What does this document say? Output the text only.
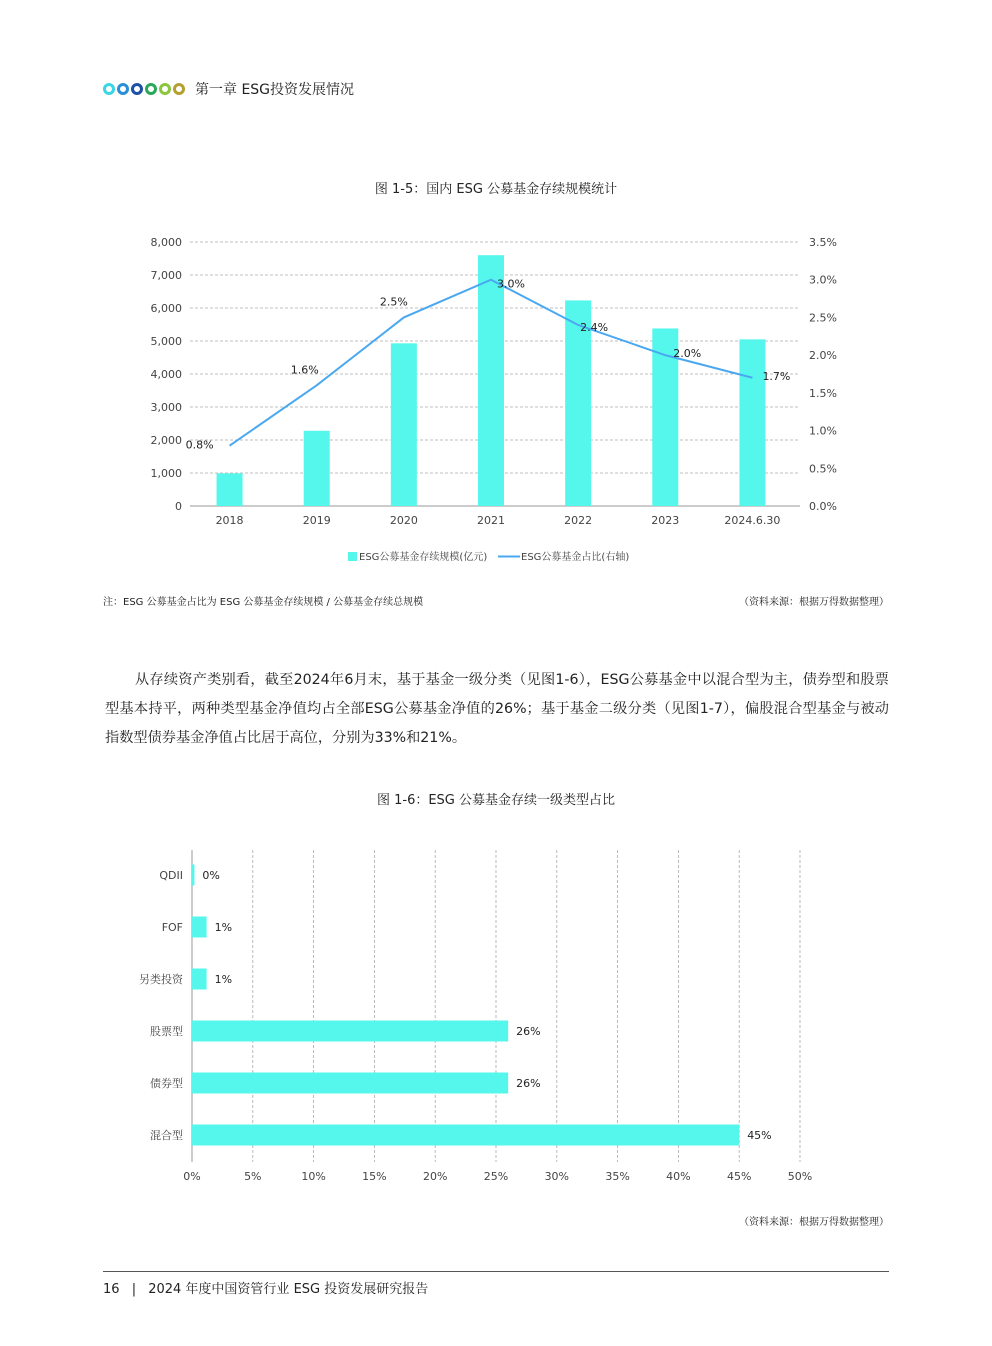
第一章 ESG投资发展情况
图 1-5：国内 ESG 公募基金存续规模统计
0
1,000
2,000
3,000
4,000
5,000
6,000
7,000
8,000
0.0%
0.5%
1.0%
1.5%
2.0%
2.5%
3.0%
3.5%
2018	2019	2020	2021	2022	2023	2024.6.30
0.8%
1.6%
2.5%
3.0%
2.4%
2.0%
1.7%
ESG公募基金存续规模(亿元)	ESG公募基金占比(右轴)
注：ESG 公募基金占比为 ESG 公募基金存续规模 / 公募基金存续总规模	（资料来源：根据万得数据整理）
从存续资产类别看，截至2024年6月末，基于基金一级分类（见图1-6），ESG公募基金中以混合型为主，债券型和股票型基本持平，两种类型基金净值均占全部ESG公募基金净值的26%；基于基金二级分类（见图1-7），偏股混合型基金与被动指数型债券基金净值占比居于高位，分别为33%和21%。
图 1-6：ESG 公募基金存续一级类型占比
0%	5%	10%	15%	20%	25%	30%	35%	40%	45%	50%
QDII 0%
FOF	1%
另类投资	1%
股票型	26%
债券型	26%
混合型	45%
（资料来源：根据万得数据整理）
16 | 2024 年度中国资管行业 ESG 投资发展研究报告
